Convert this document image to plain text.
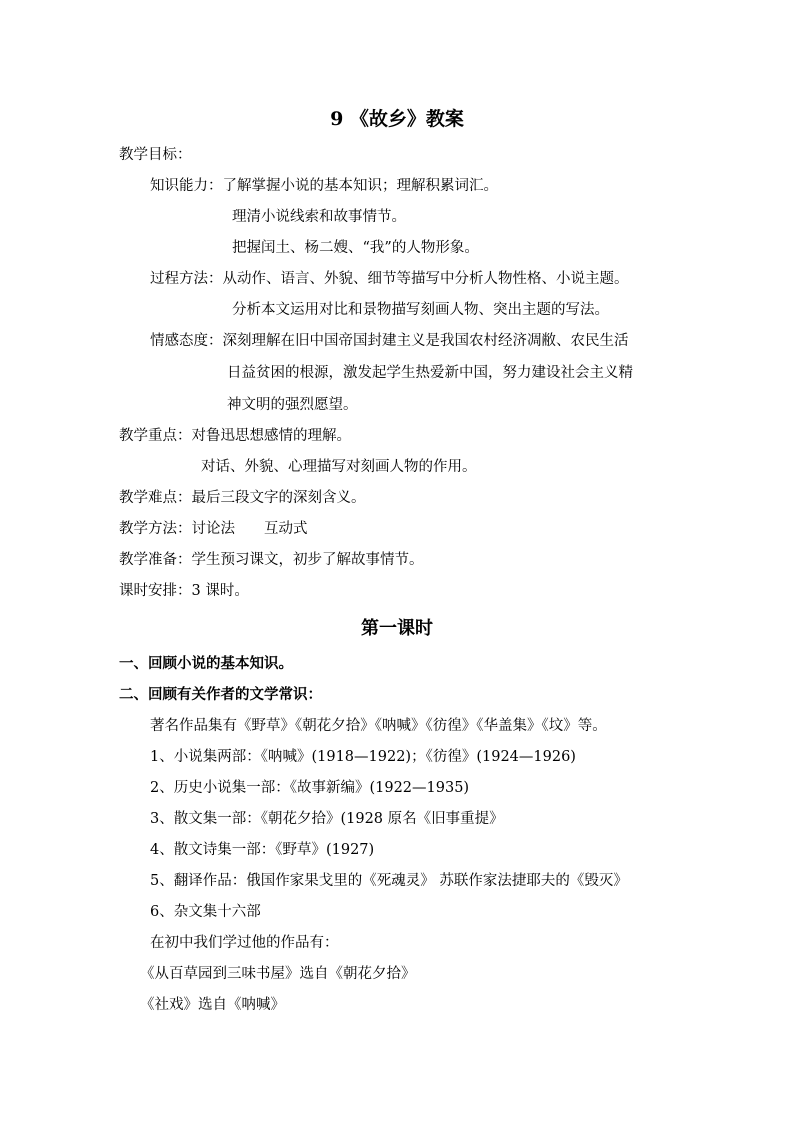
9 《故乡》教案
教学目标：
知识能力：了解掌握小说的基本知识；理解积累词汇。
理清小说线索和故事情节。
把握闰土、杨二嫂、“我”的人物形象。
过程方法：从动作、语言、外貌、细节等描写中分析人物性格、小说主题。
分析本文运用对比和景物描写刻画人物、突出主题的写法。
情感态度：深刻理解在旧中国帝国封建主义是我国农村经济凋敝、农民生活
日益贫困的根源，激发起学生热爱新中国，努力建设社会主义精
神文明的强烈愿望。
教学重点：对鲁迅思想感情的理解。
对话、外貌、心理描写对刻画人物的作用。
教学难点：最后三段文字的深刻含义。
教学方法：讨论法　　互动式
教学准备：学生预习课文，初步了解故事情节。
课时安排：3 课时。
第一课时
一、回顾小说的基本知识。
二、回顾有关作者的文学常识：
著名作品集有《野草》《朝花夕拾》《呐喊》《彷徨》《华盖集》《坟》等。
1、小说集两部：《呐喊》(1918—1922)；《彷徨》(1924—1926)
2、历史小说集一部：《故事新编》(1922—1935)
3、散文集一部：《朝花夕拾》(1928 原名《旧事重提》
4、散文诗集一部：《野草》(1927)
5、翻译作品：俄国作家果戈里的《死魂灵》 苏联作家法捷耶夫的《毁灭》
6、杂文集十六部
在初中我们学过他的作品有：
《从百草园到三味书屋》选自《朝花夕拾》
《社戏》选自《呐喊》
